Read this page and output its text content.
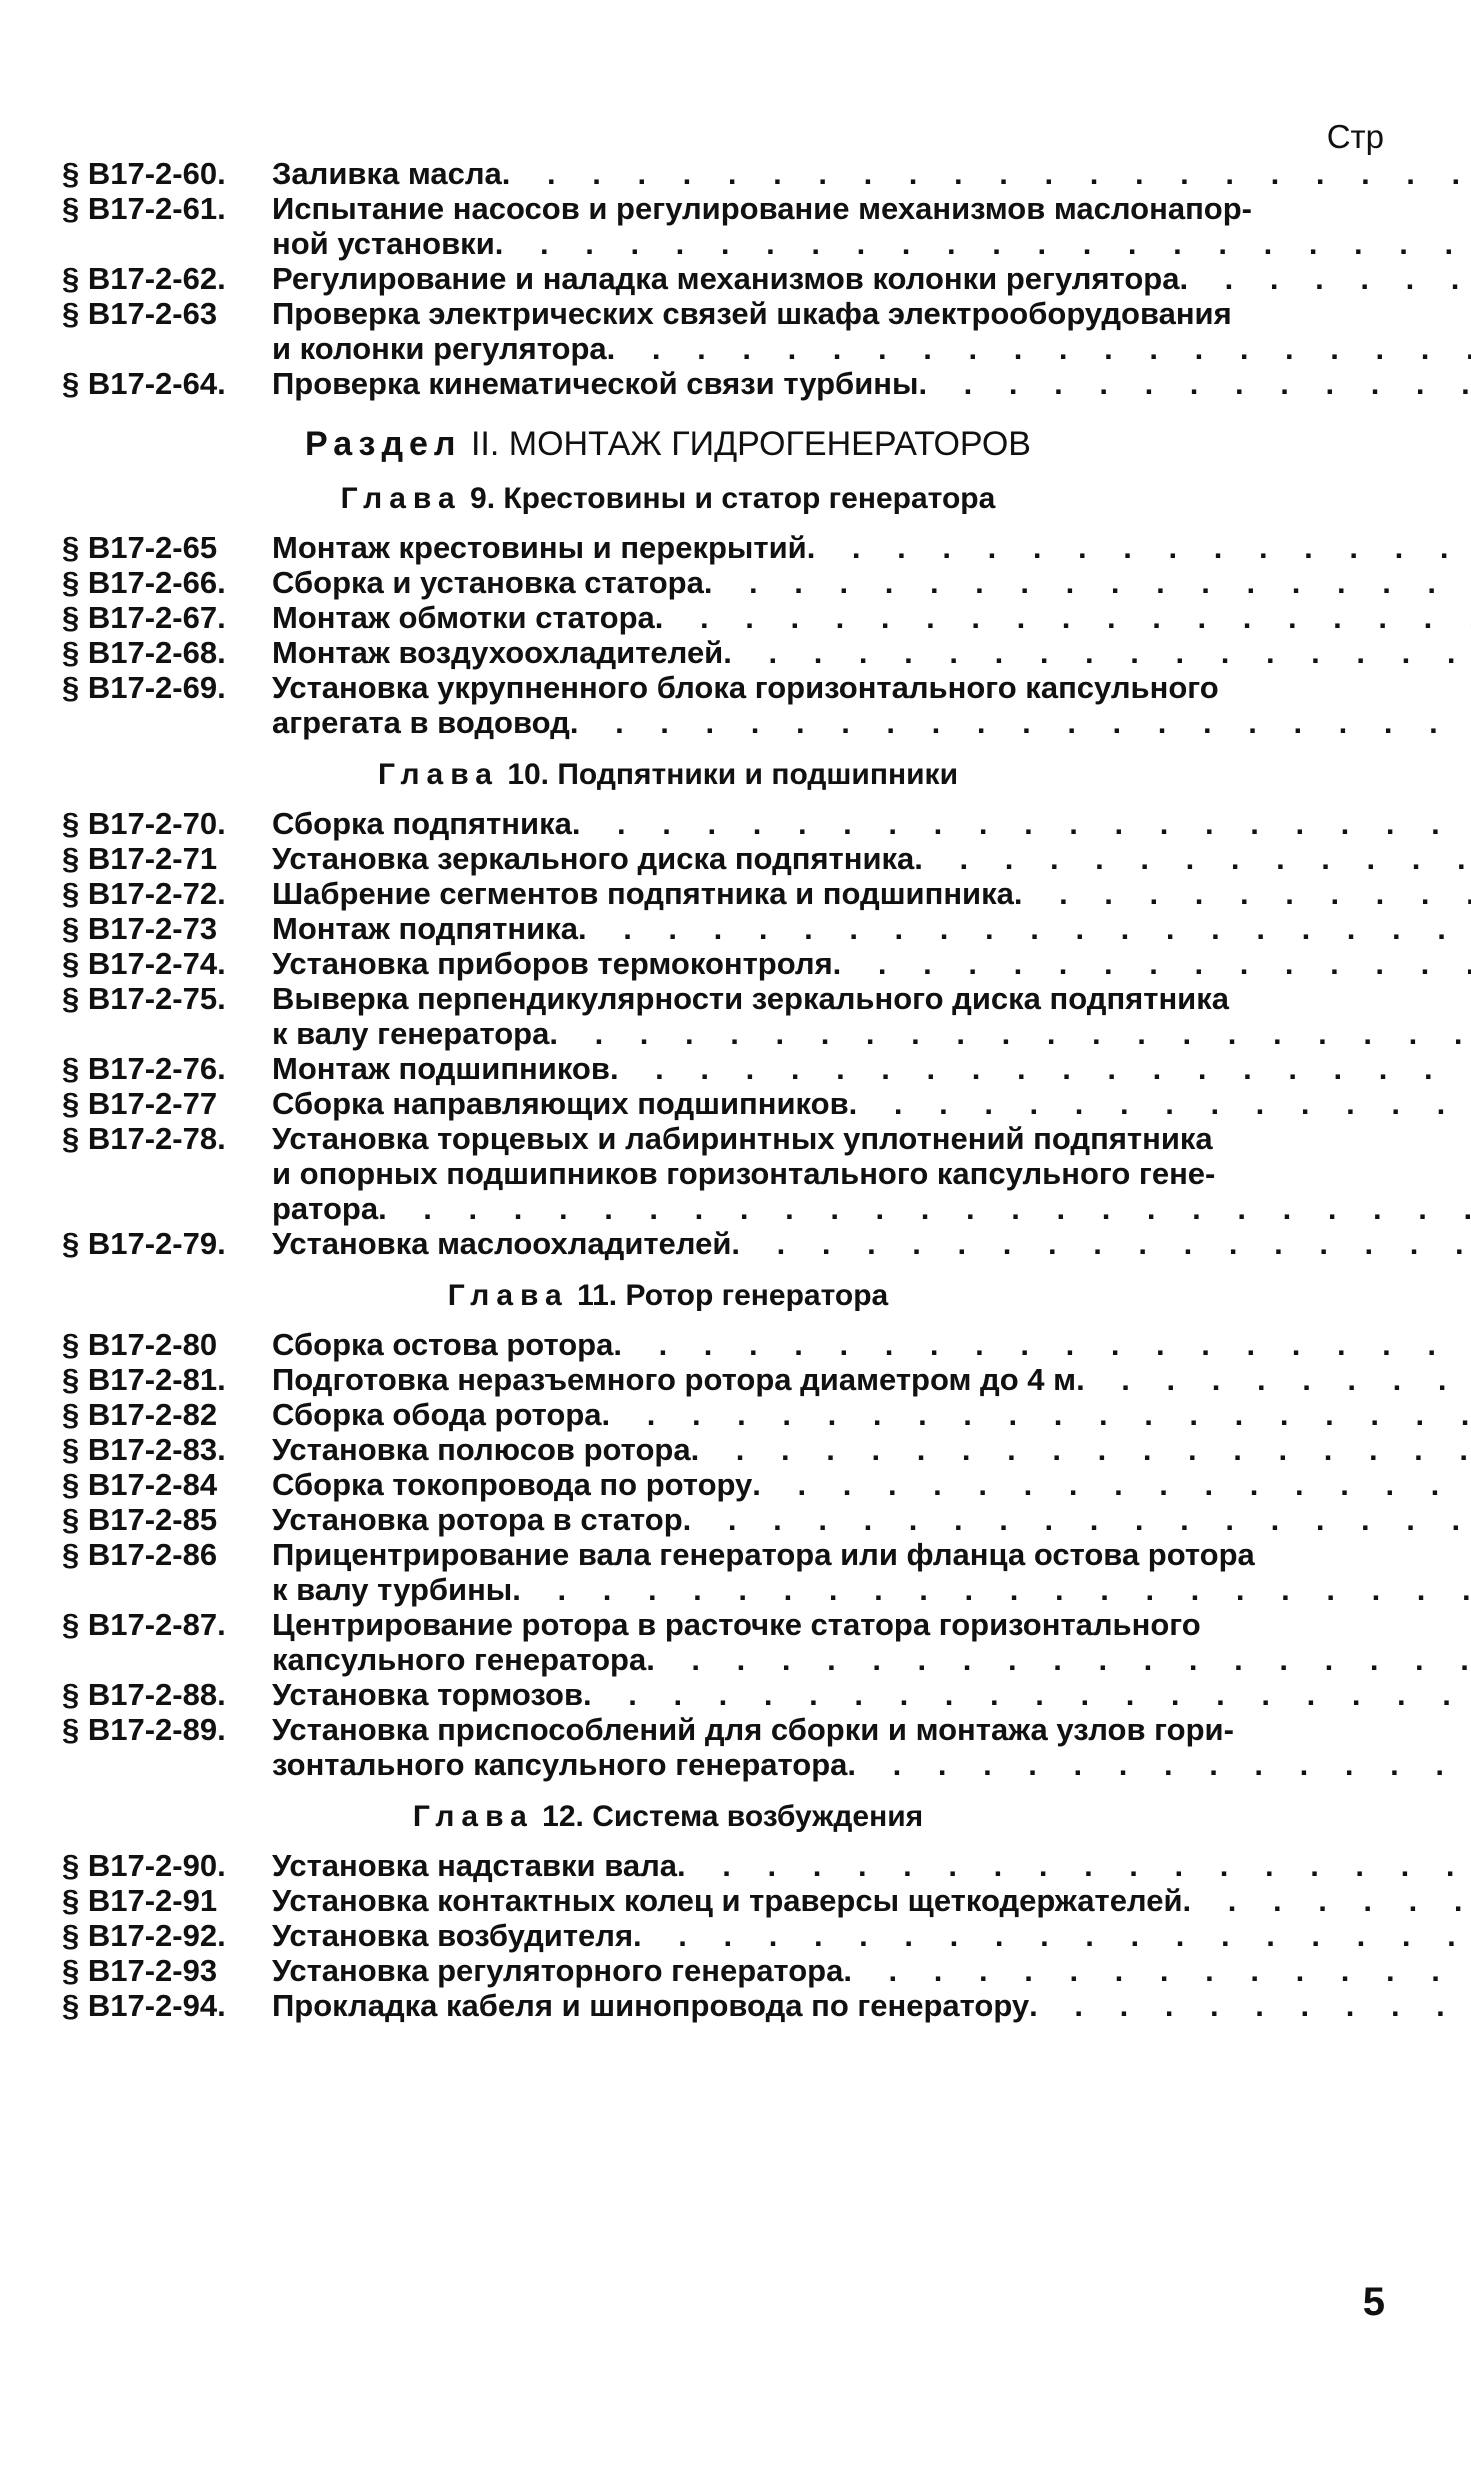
Стр
§ В17-2-60.	Заливка масла
. . .
§ В17-2-61.	Испытание насосов и регулирование механизмов маслонапор-
ной установки
. . .
§ В17-2-62.	Регулирование и наладка механизмов колонки регулятора
. . .
§ В17-2-63	Проверка электрических связей шкафа электрооборудования
и колонки регулятора
. . .
§ В17-2-64.	Проверка кинематической связи турбины
. . .
Раздел II. МОНТАЖ ГИДРОГЕНЕРАТОРОВ
Глава 9. Крестовины и статор генератора
§ В17-2-65	Монтаж крестовины и перекрытий
. . .
§ В17-2-66.	Сборка и установка статора
. . .
§ В17-2-67.	Монтаж обмотки статора
. . .
§ В17-2-68.	Монтаж воздухоохладителей
. . .
§ В17-2-69.	Установка укрупненного блока горизонтального капсульного
агрегата в водовод
. . .
Глава 10. Подпятники и подшипники
§ В17-2-70.	Сборка подпятника
. . .
§ В17-2-71	Установка зеркального диска подпятника
. . .
§ В17-2-72.	Шабрение сегментов подпятника и подшипника
. . .
§ В17-2-73	Монтаж подпятника
. . .
§ В17-2-74.	Установка приборов термоконтроля
. . .
§ В17-2-75.	Выверка перпендикулярности зеркального диска подпятника
к валу генератора
. . .
§ В17-2-76.	Монтаж подшипников
. . .
§ В17-2-77	Сборка направляющих подшипников
. . .
§ В17-2-78.	Установка торцевых и лабиринтных уплотнений подпятника
и опорных подшипников горизонтального капсульного гене-
ратора
. . .
§ В17-2-79.	Установка маслоохладителей
. . .
Глава 11. Ротор генератора
§ В17-2-80	Сборка остова ротора
. . .
§ В17-2-81.	Подготовка неразъемного ротора диаметром до 4 м
. . .
§ В17-2-82	Сборка обода ротора
. . .
§ В17-2-83.	Установка полюсов ротора
. . .
§ В17-2-84	Сборка токопровода по ротору
. . .
§ В17-2-85	Установка ротора в статор
. . .
§ В17-2-86	Прицентрирование вала генератора или фланца остова ротора
к валу турбины
. . .
§ В17-2-87.	Центрирование ротора в расточке статора горизонтального
капсульного генератора
. . .
§ В17-2-88.	Установка тормозов
. . .
§ В17-2-89.	Установка приспособлений для сборки и монтажа узлов гори-
зонтального капсульного генератора
. . .
Глава 12. Система возбуждения
§ В17-2-90.	Установка надставки вала
. . .
§ В17-2-91	Установка контактных колец и траверсы щеткодержателей
. . .
§ В17-2-92.	Установка возбудителя
. . .
§ В17-2-93	Установка регуляторного генератора
. . .
§ В17-2-94.	Прокладка кабеля и шинопровода по генератору
. . .
5
